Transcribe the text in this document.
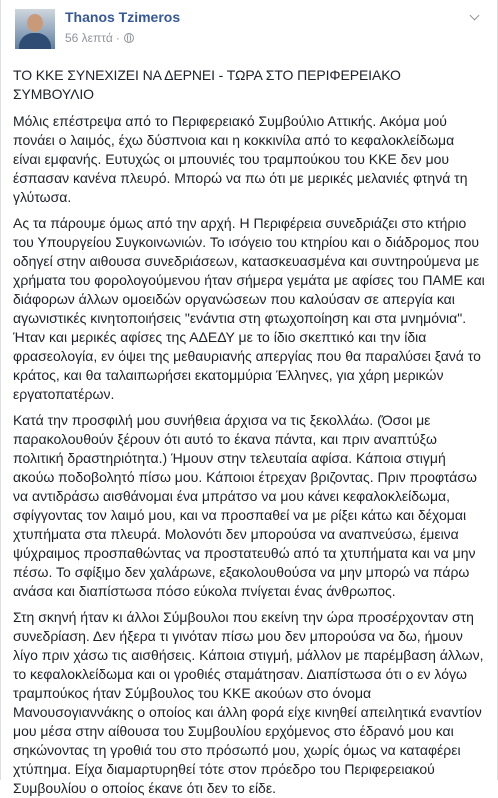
Thanos Tzimeros
56 λεπτά ·

ΤΟ ΚΚΕ ΣΥΝΕΧΙΖΕΙ ΝΑ ΔΕΡΝΕΙ - ΤΩΡΑ ΣΤΟ ΠΕΡΙΦΕΡΕΙΑΚΟ ΣΥΜΒΟΥΛΙΟ

Μόλις επέστρεψα από το Περιφερειακό Συμβούλιο Αττικής. Ακόμα μού πονάει ο λαιμός, έχω δύσπνοια και η κοκκινίλα από το κεφαλοκλείδωμα είναι εμφανής. Ευτυχώς οι μπουνιές του τραμπούκου του ΚΚΕ δεν μου έσπασαν κανένα πλευρό. Μπορώ να πω ότι με μερικές μελανιές φτηνά τη γλύτωσα.

Ας τα πάρουμε όμως από την αρχή. Η Περιφέρεια συνεδριάζει στο κτήριο του Υπουργείου Συγκοινωνιών. Το ισόγειο του κτηρίου και ο διάδρομος που οδηγεί στην αιθουσα συνεδριάσεων, κατασκευασμένα και συντηρούμενα με χρήματα του φορολογούμενου ήταν σήμερα γεμάτα με αφίσες του ΠΑΜΕ και διάφορων άλλων ομοειδών οργανώσεων που καλούσαν σε απεργία και αγωνιστικές κινητοποιήσεις "ενάντια στη φτωχοποίηση και στα μνημόνια". Ήταν και μερικές αφίσες της ΑΔΕΔΥ με το ίδιο σκεπτικό και την ίδια φρασεολογία, εν όψει της μεθαυριανής απεργίας που θα παραλύσει ξανά το κράτος, και θα ταλαιπωρήσει εκατομμύρια Έλληνες, για χάρη μερικών εργατοπατέρων.

Κατά την προσφιλή μου συνήθεια άρχισα να τις ξεκολλάω. (Όσοι με παρακολουθούν ξέρουν ότι αυτό το έκανα πάντα, και πριν αναπτύξω πολιτική δραστηριότητα.) Ήμουν στην τελευταία αφίσα. Κάποια στιγμή ακούω ποδοβολητό πίσω μου. Κάποιοι έτρεχαν βριζοντας. Πριν προφτάσω να αντιδράσω αισθάνομαι ένα μπράτσο να μου κάνει κεφαλοκλείδωμα, σφίγγοντας τον λαιμό μου, και να προσπαθεί να με ρίξει κάτω και δέχομαι χτυπήματα στα πλευρά. Μολονότι δεν μπορούσα να αναπνεύσω, έμεινα ψύχραιμος προσπαθώντας να προστατευθώ από τα χτυπήματα και να μην πέσω. Το σφίξιμο δεν χαλάρωνε, εξακολουθούσα να μην μπορώ να πάρω ανάσα και διαπίστωσα πόσο εύκολα πνίγεται ένας άνθρωπος.

Στη σκηνή ήταν κι άλλοι Σύμβουλοι που εκείνη την ώρα προσέρχονταν στη συνεδρίαση. Δεν ήξερα τι γινόταν πίσω μου δεν μπορούσα να δω, ήμουν λίγο πριν χάσω τις αισθήσεις. Κάποια στιγμή, μάλλον με παρέμβαση άλλων, το κεφαλοκλείδωμα και οι γροθιές σταμάτησαν. Διαπίστωσα ότι ο εν λόγω τραμπούκος ήταν Σύμβουλος του ΚΚΕ ακούων στο όνομα Μανουσογιαννάκης ο οποίος και άλλη φορά είχε κινηθεί απειλητικά εναντίον μου μέσα στην αίθουσα του Συμβουλίου ερχόμενος στο έδρανό μου και σηκώνοντας τη γροθιά του στο πρόσωπό μου, χωρίς όμως να καταφέρει χτύπημα. Είχα διαμαρτυρηθεί τότε στον πρόεδρο του Περιφερειακού Συμβουλίου ο οποίος έκανε ότι δεν το είδε.
